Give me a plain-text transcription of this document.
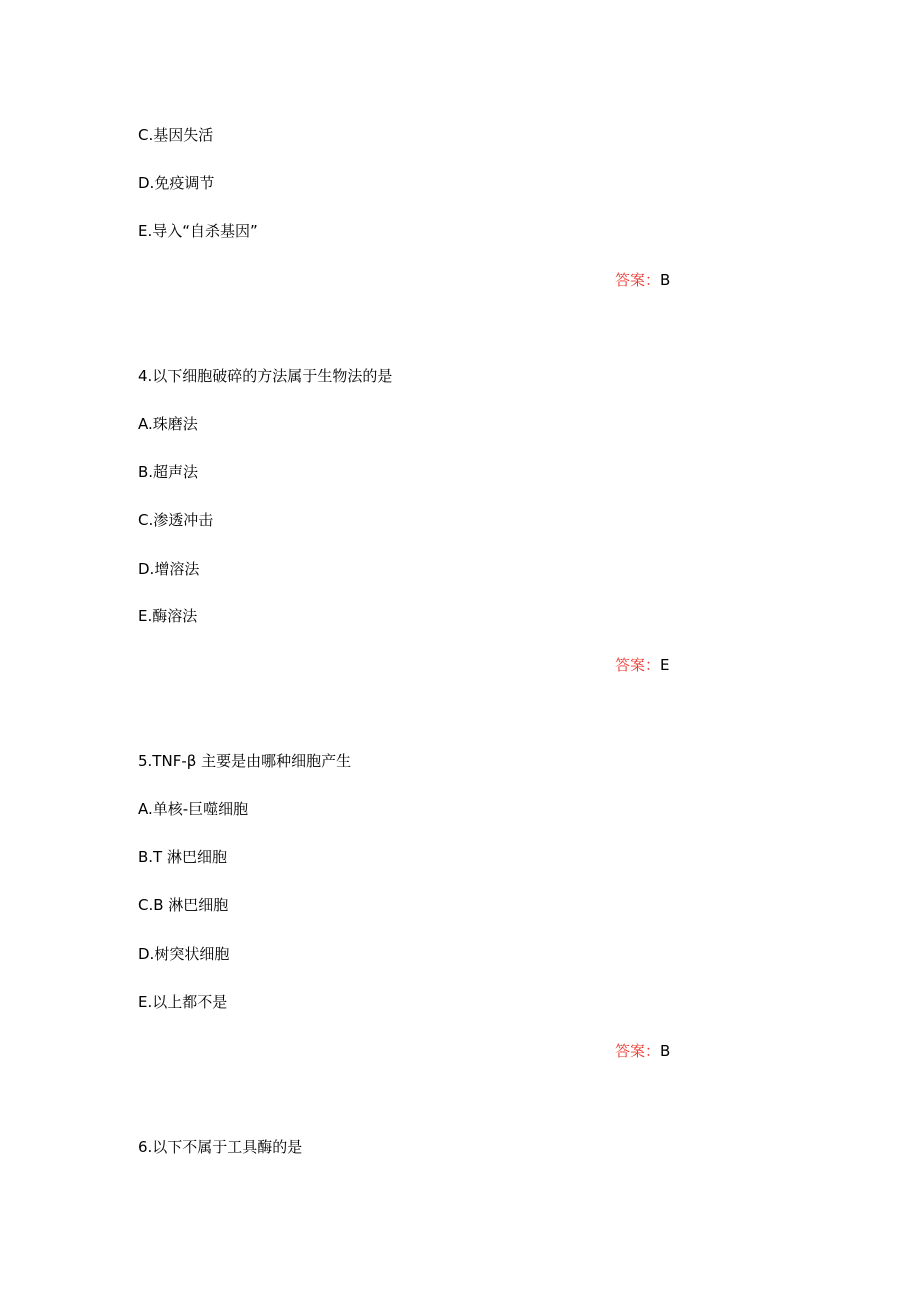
C.基因失活
D.免疫调节
E.导入“自杀基因”
答案：B
4.以下细胞破碎的方法属于生物法的是
A.珠磨法
B.超声法
C.渗透冲击
D.增溶法
E.酶溶法
答案：E
5.TNF-β 主要是由哪种细胞产生
A.单核-巨噬细胞
B.T 淋巴细胞
C.B 淋巴细胞
D.树突状细胞
E.以上都不是
答案：B
6.以下不属于工具酶的是
